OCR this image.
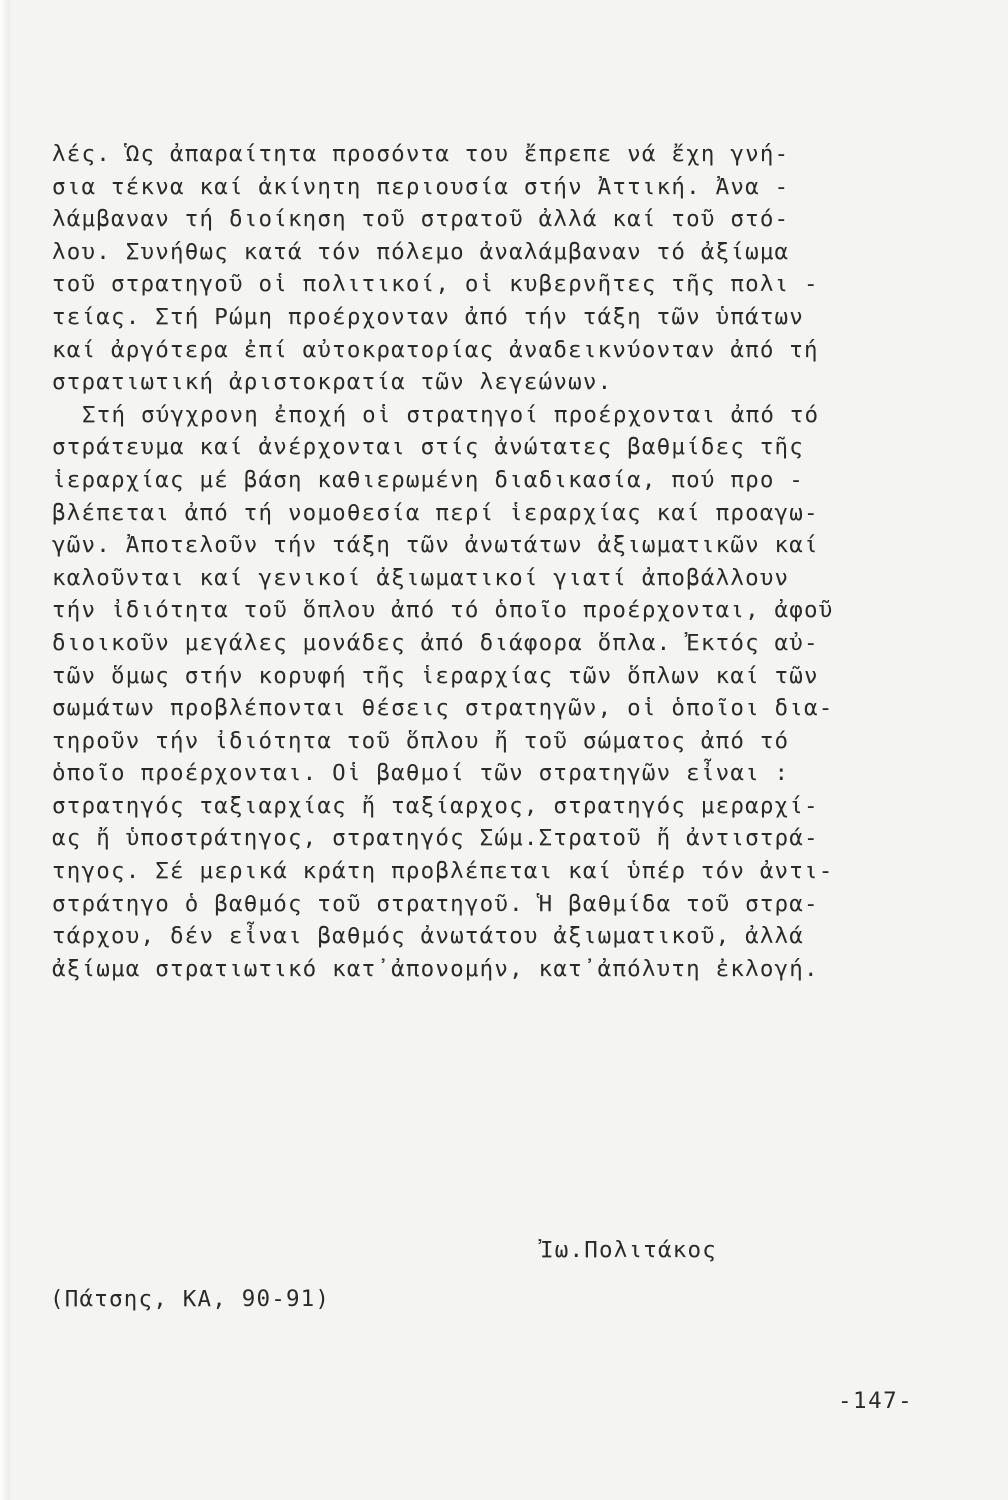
λές. Ὡς ἀπαραίτητα προσόντα του ἔπρεπε νά ἔχη γνή-
σια τέκνα καί ἀκίνητη περιουσία στήν Ἀττική. Ἀνα -
λάμβαναν τή διοίκηση τοῦ στρατοῦ ἀλλά καί τοῦ στό-
λου. Συνήθως κατά τόν πόλεμο ἀναλάμβαναν τό ἀξίωμα
τοῦ στρατηγοῦ οἱ πολιτικοί, οἱ κυβερνῆτες τῆς πολι -
τείας. Στή Ρώμη προέρχονταν ἀπό τήν τάξη τῶν ὑπάτων
καί ἀργότερα ἐπί αὐτοκρατορίας ἀναδεικνύονταν ἀπό τή
στρατιωτική ἀριστοκρατία τῶν λεγεώνων.
Στή σύγχρονη ἐποχή οἱ στρατηγοί προέρχονται ἀπό τό
στράτευμα καί ἀνέρχονται στίς ἀνώτατες βαθμίδες τῆς
ἱεραρχίας μέ βάση καθιερωμένη διαδικασία, πού προ -
βλέπεται ἀπό τή νομοθεσία περί ἱεραρχίας καί προαγω-
γῶν. Ἀποτελοῦν τήν τάξη τῶν ἀνωτάτων ἀξιωματικῶν καί
καλοῦνται καί γενικοί ἀξιωματικοί γιατί ἀποβάλλουν
τήν ἰδιότητα τοῦ ὅπλου ἀπό τό ὁποῖο προέρχονται, ἀφοῦ
διοικοῦν μεγάλες μονάδες ἀπό διάφορα ὅπλα. Ἐκτός αὐ-
τῶν ὅμως στήν κορυφή τῆς ἱεραρχίας τῶν ὅπλων καί τῶν
σωμάτων προβλέπονται θέσεις στρατηγῶν, οἱ ὁποῖοι δια-
τηροῦν τήν ἰδιότητα τοῦ ὅπλου ἤ τοῦ σώματος ἀπό τό
ὁποῖο προέρχονται. Οἱ βαθμοί τῶν στρατηγῶν εἶναι :
στρατηγός ταξιαρχίας ἤ ταξίαρχος, στρατηγός μεραρχί-
ας ἤ ὑποστράτηγος, στρατηγός Σώμ.Στρατοῦ ἤ ἀντιστρά-
τηγος. Σέ μερικά κράτη προβλέπεται καί ὑπέρ τόν ἀντι-
στράτηγο ὁ βαθμός τοῦ στρατηγοῦ. Ἡ βαθμίδα τοῦ στρα-
τάρχου, δέν εἶναι βαθμός ἀνωτάτου ἀξιωματικοῦ, ἀλλά
ἀξίωμα στρατιωτικό κατ᾽ἀπονομήν, κατ᾽ἀπόλυτη ἐκλογή.
Ἰω.Πολιτάκος
(Πάτσης, ΚΑ, 90-91)
-147-
